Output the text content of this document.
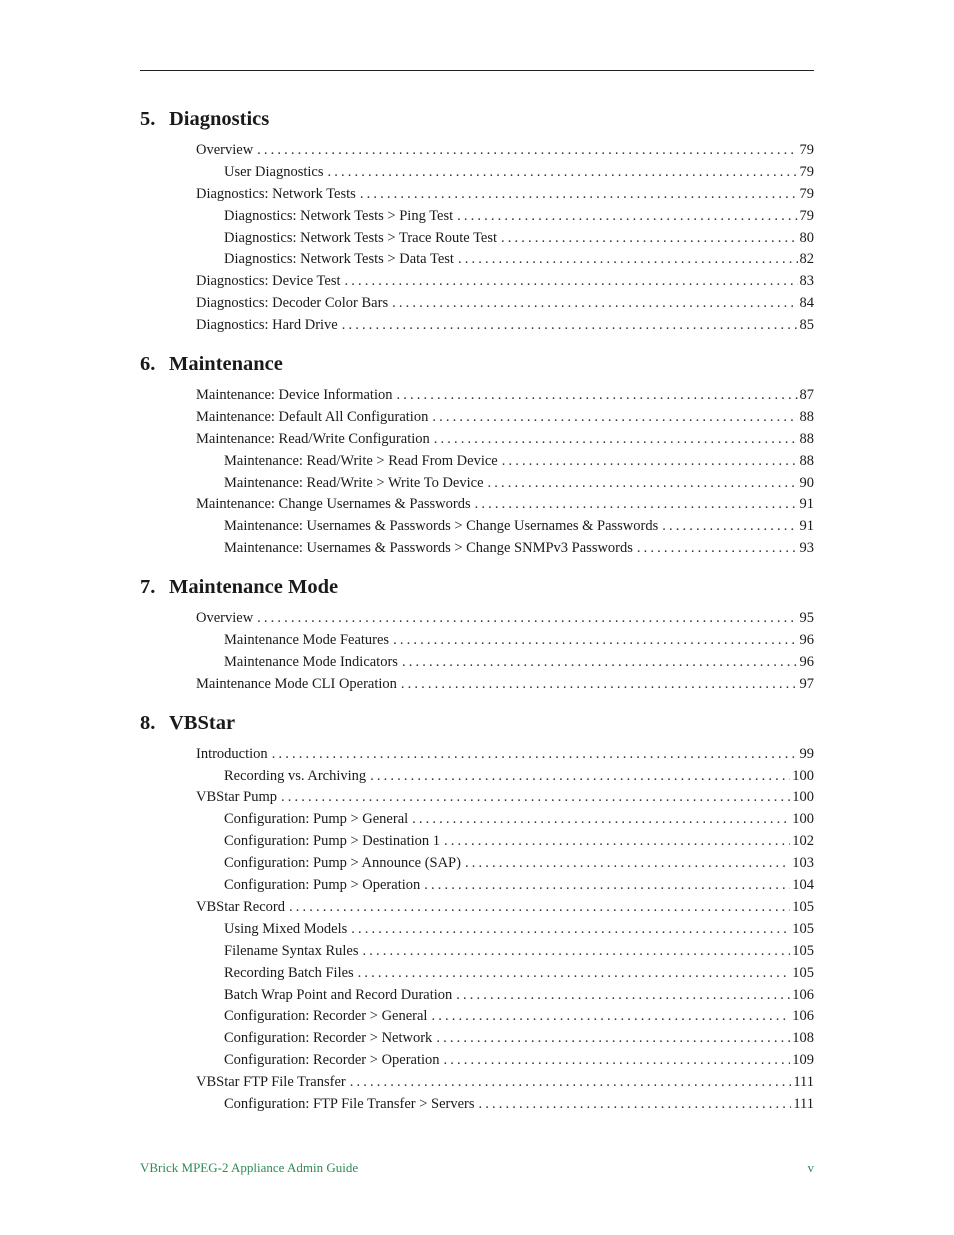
5. Diagnostics
Overview . . .	79
User Diagnostics . . .	79
Diagnostics: Network Tests . . .	79
Diagnostics: Network Tests > Ping Test . . .	79
Diagnostics: Network Tests > Trace Route Test . . .	80
Diagnostics: Network Tests > Data Test . . .	82
Diagnostics: Device Test . . .	83
Diagnostics: Decoder Color Bars . . .	84
Diagnostics: Hard Drive . . .	85
6. Maintenance
Maintenance: Device Information . . .	87
Maintenance: Default All Configuration . . .	88
Maintenance: Read/Write Configuration . . .	88
Maintenance: Read/Write > Read From Device . . .	88
Maintenance: Read/Write > Write To Device . . .	90
Maintenance: Change Usernames & Passwords . . .	91
Maintenance: Usernames & Passwords > Change Usernames & Passwords . . .	91
Maintenance: Usernames & Passwords > Change SNMPv3 Passwords . . .	93
7. Maintenance Mode
Overview . . .	95
Maintenance Mode Features . . .	96
Maintenance Mode Indicators . . .	96
Maintenance Mode CLI Operation . . .	97
8. VBStar
Introduction . . .	99
Recording vs. Archiving . . .	100
VBStar Pump . . .	100
Configuration: Pump > General . . .	100
Configuration: Pump > Destination 1 . . .	102
Configuration: Pump > Announce (SAP) . . .	103
Configuration: Pump > Operation . . .	104
VBStar Record . . .	105
Using Mixed Models . . .	105
Filename Syntax Rules . . .	105
Recording Batch Files . . .	105
Batch Wrap Point and Record Duration . . .	106
Configuration: Recorder > General . . .	106
Configuration: Recorder > Network . . .	108
Configuration: Recorder > Operation . . .	109
VBStar FTP File Transfer . . .	111
Configuration: FTP File Transfer > Servers . . .	111
VBrick MPEG-2 Appliance Admin Guide	v
